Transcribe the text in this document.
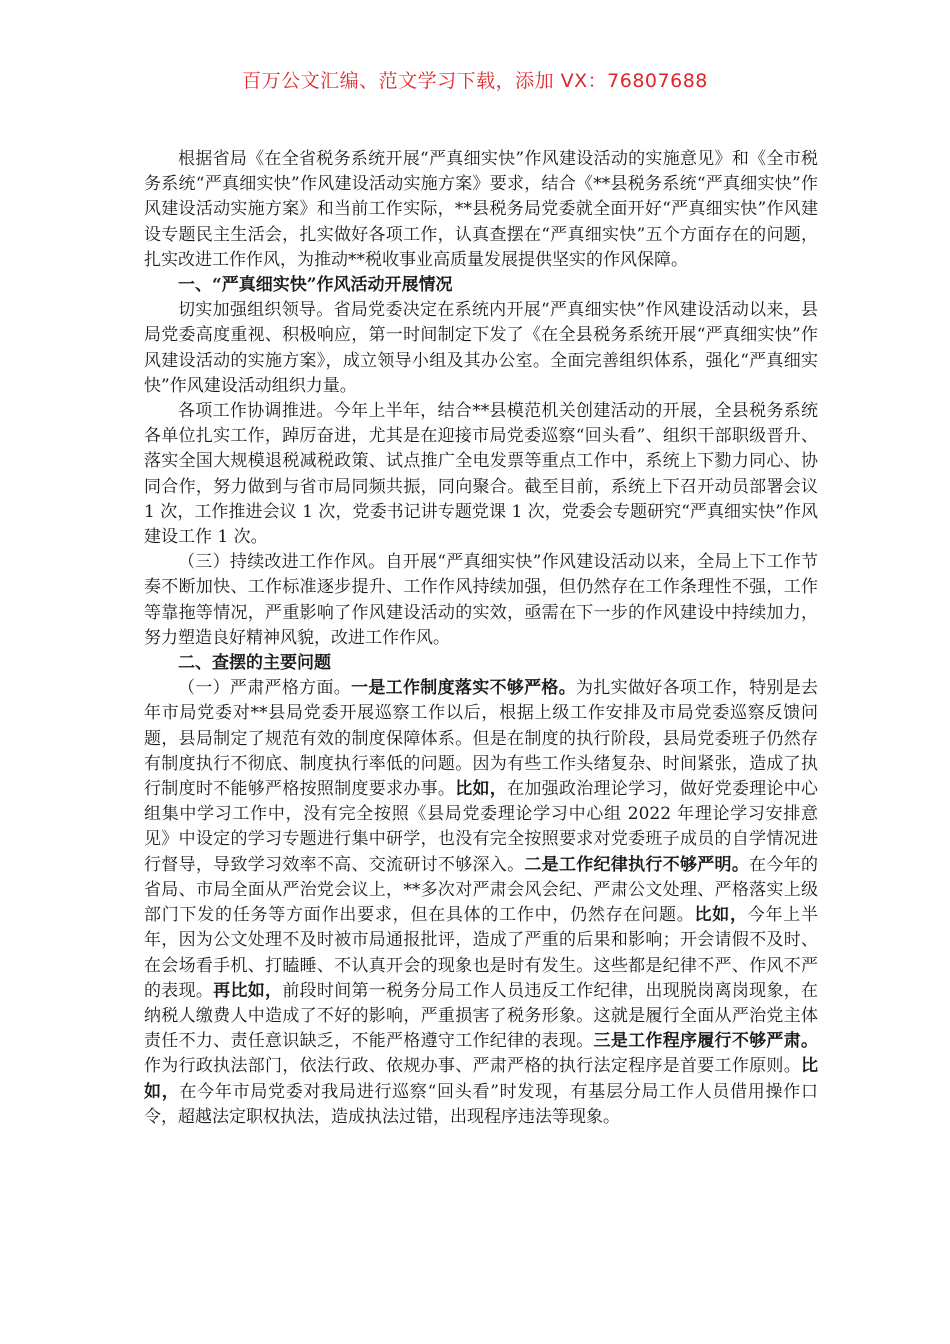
百万公文汇编、范文学习下载，添加 VX：76807688

根据省局《在全省税务系统开展“严真细实快”作风建设活动的实施意见》和《全市税务系统“严真细实快”作风建设活动实施方案》要求，结合《**县税务系统“严真细实快”作风建设活动实施方案》和当前工作实际，**县税务局党委就全面开好“严真细实快”作风建设专题民主生活会，扎实做好各项工作，认真查摆在“严真细实快”五个方面存在的问题，扎实改进工作作风，为推动**税收事业高质量发展提供坚实的作风保障。

一、“严真细实快”作风活动开展情况

切实加强组织领导。省局党委决定在系统内开展“严真细实快”作风建设活动以来，县局党委高度重视、积极响应，第一时间制定下发了《在全县税务系统开展“严真细实快”作风建设活动的实施方案》，成立领导小组及其办公室。全面完善组织体系，强化“严真细实快”作风建设活动组织力量。

各项工作协调推进。今年上半年，结合**县模范机关创建活动的开展，全县税务系统各单位扎实工作，踔厉奋进，尤其是在迎接市局党委巡察“回头看”、组织干部职级晋升、落实全国大规模退税减税政策、试点推广全电发票等重点工作中，系统上下勠力同心、协同合作，努力做到与省市局同频共振，同向聚合。截至目前，系统上下召开动员部署会议 1 次，工作推进会议 1 次，党委书记讲专题党课 1 次，党委会专题研究“严真细实快”作风建设工作 1 次。

（三）持续改进工作作风。自开展“严真细实快”作风建设活动以来，全局上下工作节奏不断加快、工作标准逐步提升、工作作风持续加强，但仍然存在工作条理性不强，工作等靠拖等情况，严重影响了作风建设活动的实效，亟需在下一步的作风建设中持续加力，努力塑造良好精神风貌，改进工作作风。

二、查摆的主要问题

（一）严肃严格方面。一是工作制度落实不够严格。为扎实做好各项工作，特别是去年市局党委对**县局党委开展巡察工作以后，根据上级工作安排及市局党委巡察反馈问题，县局制定了规范有效的制度保障体系。但是在制度的执行阶段，县局党委班子仍然存有制度执行不彻底、制度执行率低的问题。因为有些工作头绪复杂、时间紧张，造成了执行制度时不能够严格按照制度要求办事。比如，在加强政治理论学习，做好党委理论中心组集中学习工作中，没有完全按照《县局党委理论学习中心组 2022 年理论学习安排意见》中设定的学习专题进行集中研学，也没有完全按照要求对党委班子成员的自学情况进行督导，导致学习效率不高、交流研讨不够深入。二是工作纪律执行不够严明。在今年的省局、市局全面从严治党会议上，**多次对严肃会风会纪、严肃公文处理、严格落实上级部门下发的任务等方面作出要求，但在具体的工作中，仍然存在问题。比如，今年上半年，因为公文处理不及时被市局通报批评，造成了严重的后果和影响；开会请假不及时、在会场看手机、打瞌睡、不认真开会的现象也是时有发生。这些都是纪律不严、作风不严的表现。再比如，前段时间第一税务分局工作人员违反工作纪律，出现脱岗离岗现象，在纳税人缴费人中造成了不好的影响，严重损害了税务形象。这就是履行全面从严治党主体责任不力、责任意识缺乏，不能严格遵守工作纪律的表现。三是工作程序履行不够严肃。作为行政执法部门，依法行政、依规办事、严肃严格的执行法定程序是首要工作原则。比如，在今年市局党委对我局进行巡察“回头看”时发现，有基层分局工作人员借用操作口令，超越法定职权执法，造成执法过错，出现程序违法等现象。
